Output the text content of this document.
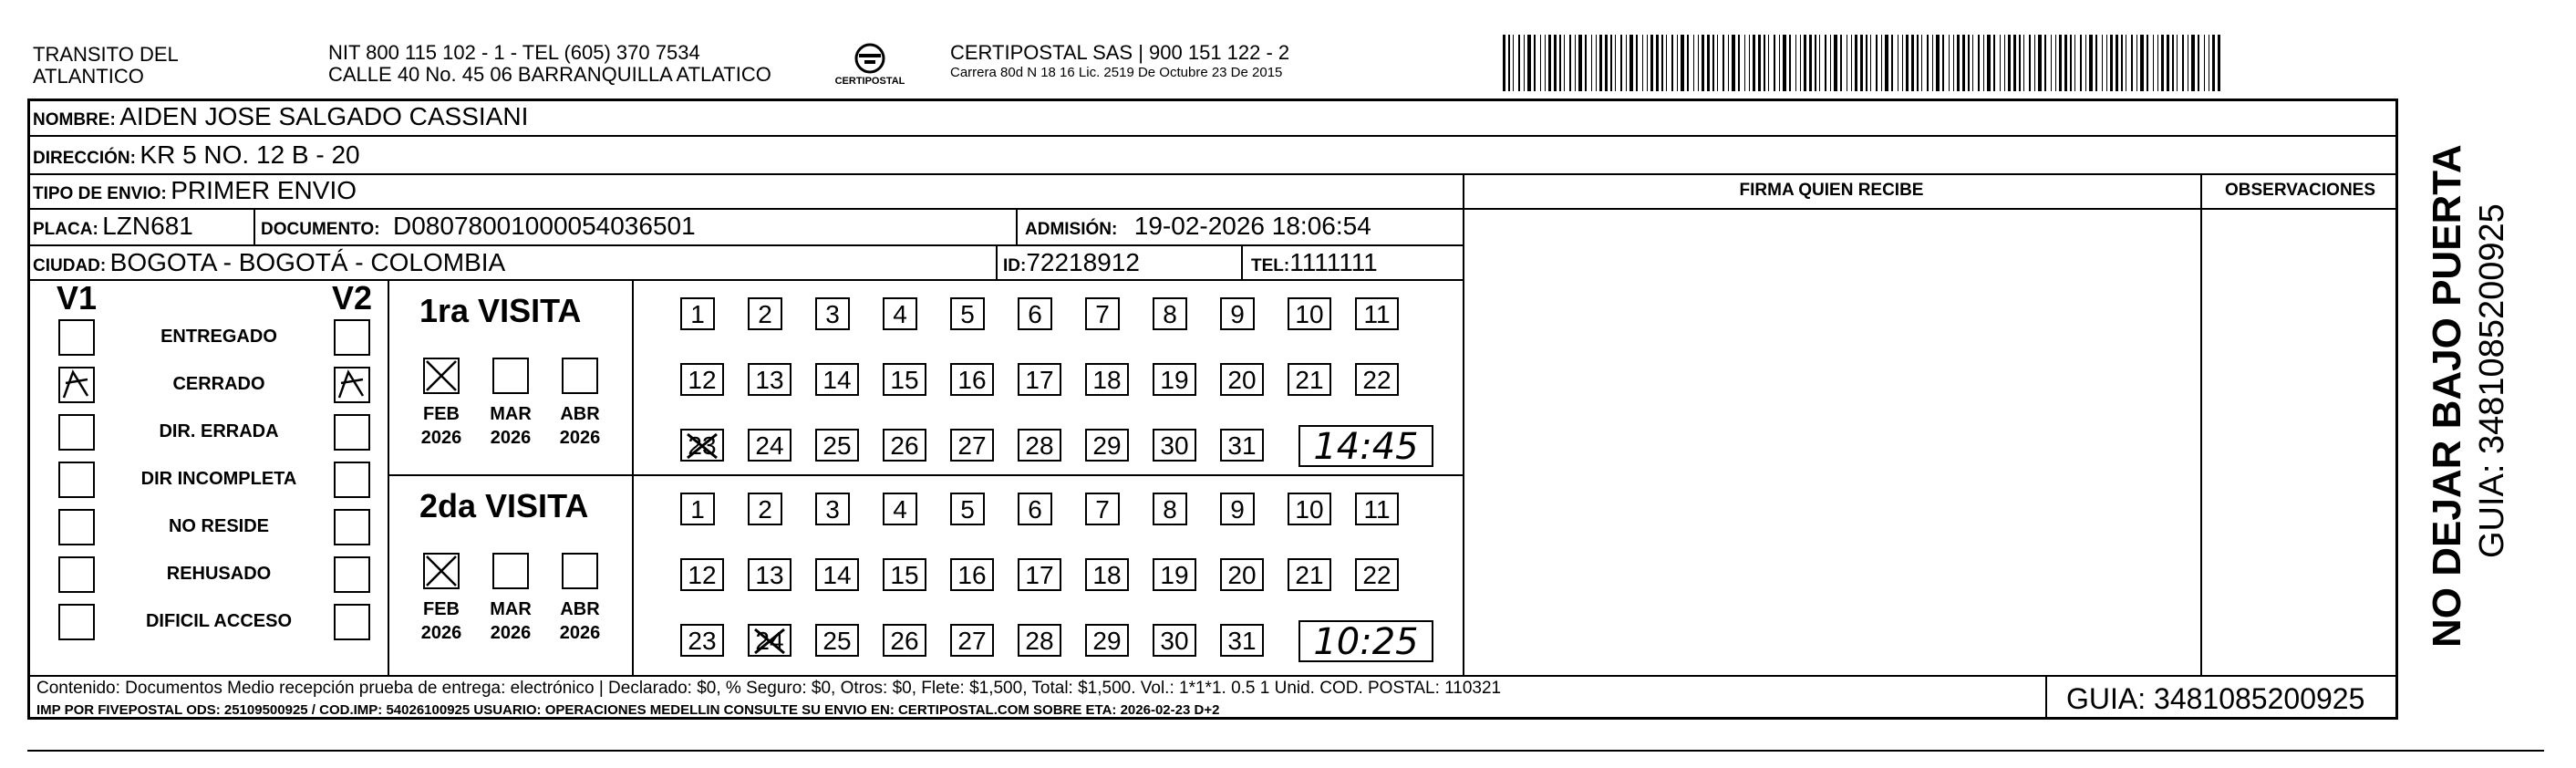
TRANSITO DEL
ATLANTICO
NIT 800 115 102 - 1 - TEL (605) 370 7534
CALLE 40 No. 45 06 BARRANQUILLA ATLATICO	CERTIPOSTAL
CERTIPOSTAL SAS | 900 151 122 - 2
Carrera 80d N 18 16 Lic. 2519 De Octubre 23 De 2015
NOMBRE: AIDEN JOSE SALGADO CASSIANI
DIRECCIÓN: KR 5 NO. 12 B - 20
TIPO DE ENVIO: PRIMER ENVIO	FIRMA QUIEN RECIBE	OBSERVACIONES
PLACA: LZN681	DOCUMENTO: D08078001000054036501	ADMISIÓN: 19-02-2026 18:06:54
CIUDAD: BOGOTA - BOGOTÁ - COLOMBIA	ID:72218912	TEL:1111111
V1	V2
ENTREGADO
CERRADO
DIR. ERRADA
DIR INCOMPLETA
NO RESIDE
REHUSADO
DIFICIL ACCESO
1ra VISITA
FEB
2026
MAR
2026
ABR
2026
1	2	3	4	5	6	7	8	9	10	11
12	13	14	15	16	17	18	19	20	21	22
23	24	25	26	27	28	29	30	31	14:45
2da VISITA
FEB
2026
MAR
2026
ABR
2026
1	2	3	4	5	6	7	8	9	10	11
12	13	14	15	16	17	18	19	20	21	22
23	24	25	26	27	28	29	30	31	10:25
Contenido: Documentos Medio recepción prueba de entrega: electrónico | Declarado: $0, % Seguro: $0, Otros: $0, Flete: $1,500, Total: $1,500. Vol.: 1*1*1. 0.5 1 Unid. COD. POSTAL: 110321
IMP POR FIVEPOSTAL ODS: 25109500925 / COD.IMP: 54026100925 USUARIO: OPERACIONES MEDELLIN CONSULTE SU ENVIO EN: CERTIPOSTAL.COM SOBRE ETA: 2026-02-23 D+2	GUIA: 3481085200925
NO DEJAR BAJO PUERTA GUIA: 3481085200925
